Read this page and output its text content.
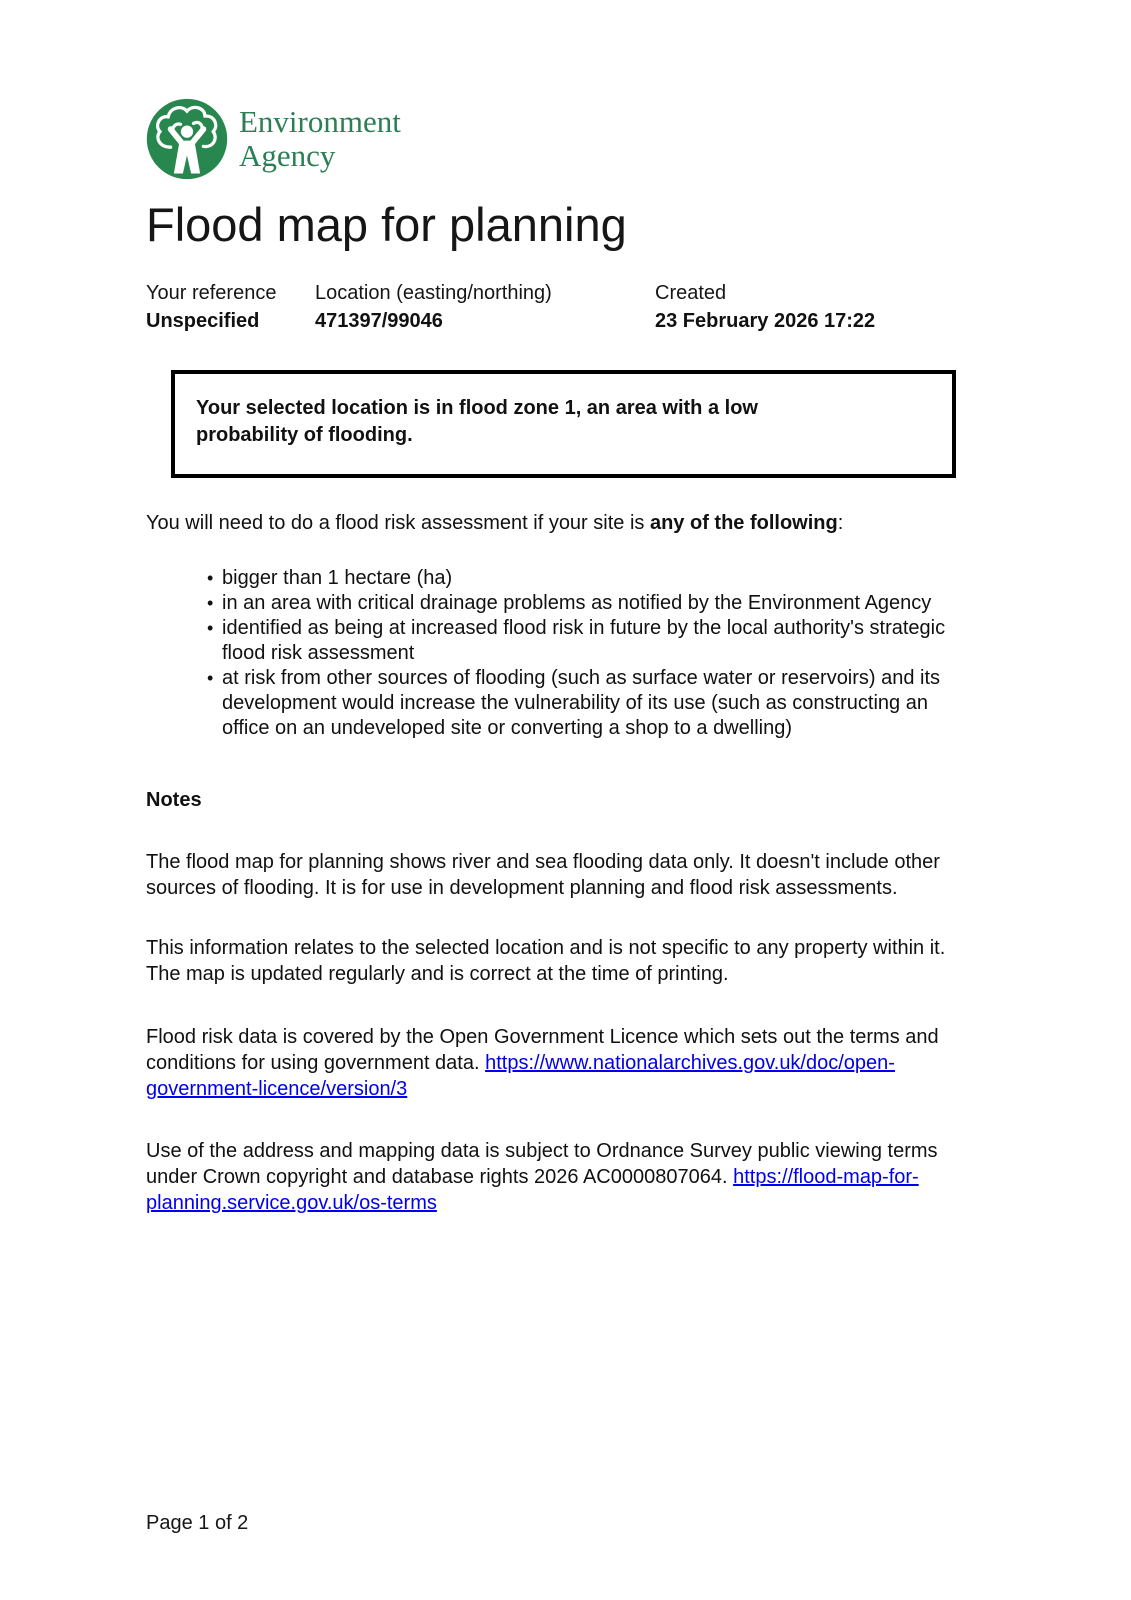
Environment
Agency
Flood map for planning
Your reference
Unspecified
Location (easting/northing)
471397/99046
Created
23 February 2026 17:22

Your selected location is in flood zone 1, an area with a low probability of flooding.

You will need to do a flood risk assessment if your site is any of the following:

• bigger than 1 hectare (ha)
• in an area with critical drainage problems as notified by the Environment Agency
• identified as being at increased flood risk in future by the local authority's strategic flood risk assessment
• at risk from other sources of flooding (such as surface water or reservoirs) and its development would increase the vulnerability of its use (such as constructing an office on an undeveloped site or converting a shop to a dwelling)
Notes

The flood map for planning shows river and sea flooding data only. It doesn't include other sources of flooding. It is for use in development planning and flood risk assessments.

This information relates to the selected location and is not specific to any property within it. The map is updated regularly and is correct at the time of printing.

Flood risk data is covered by the Open Government Licence which sets out the terms and conditions for using government data. https://www.nationalarchives.gov.uk/doc/open-government-licence/version/3

Use of the address and mapping data is subject to Ordnance Survey public viewing terms under Crown copyright and database rights 2026 AC0000807064. https://flood-map-for-planning.service.gov.uk/os-terms

Page 1 of 2
